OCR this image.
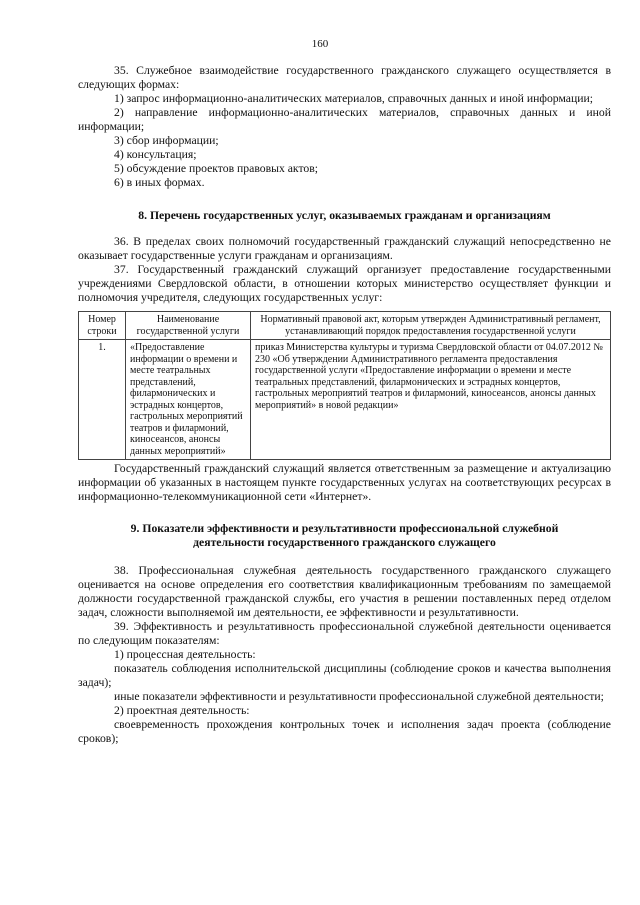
160

35. Служебное взаимодействие государственного гражданского служащего осуществляется в следующих формах:

1) запрос информационно-аналитических материалов, справочных данных и иной информации;

2) направление информационно-аналитических материалов, справочных данных и иной информации;

3) сбор информации;

4) консультация;

5) обсуждение проектов правовых актов;

6) в иных формах.

8. Перечень государственных услуг, оказываемых гражданам и организациям

36. В пределах своих полномочий государственный гражданский служащий непосредственно не оказывает государственные услуги гражданам и организациям.

37. Государственный гражданский служащий организует предоставление государственными учреждениями Свердловской области, в отношении которых министерство осуществляет функции и полномочия учредителя, следующих государственных услуг:

Номер строки	Наименование государственной услуги	Нормативный правовой акт, которым утвержден Административный регламент, устанавливающий порядок предоставления государственной услуги
1.	«Предоставление информации о времени и месте театральных представлений, филармонических и эстрадных концертов, гастрольных мероприятий театров и филармоний, киносеансов, анонсы данных мероприятий»	приказ Министерства культуры и туризма Свердловской области от 04.07.2012 № 230 «Об утверждении Административного регламента предоставления государственной услуги «Предоставление информации о времени и месте театральных представлений, филармонических и эстрадных концертов, гастрольных мероприятий театров и филармоний, киносеансов, анонсы данных мероприятий» в новой редакции»

Государственный гражданский служащий является ответственным за размещение и актуализацию информации об указанных в настоящем пункте государственных услугах на соответствующих ресурсах в информационно-телекоммуникационной сети «Интернет».

9. Показатели эффективности и результативности профессиональной служебной

деятельности государственного гражданского служащего

38. Профессиональная служебная деятельность государственного гражданского служащего оценивается на основе определения его соответствия квалификационным требованиям по замещаемой должности государственной гражданской службы, его участия в решении поставленных перед отделом задач, сложности выполняемой им деятельности, ее эффективности и результативности.

39. Эффективность и результативность профессиональной служебной деятельности оценивается по следующим показателям:

1) процессная деятельность:

показатель соблюдения исполнительской дисциплины (соблюдение сроков и качества выполнения задач);

иные показатели эффективности и результативности профессиональной служебной деятельности;

2) проектная деятельность:

своевременность прохождения контрольных точек и исполнения задач проекта (соблюдение сроков);
